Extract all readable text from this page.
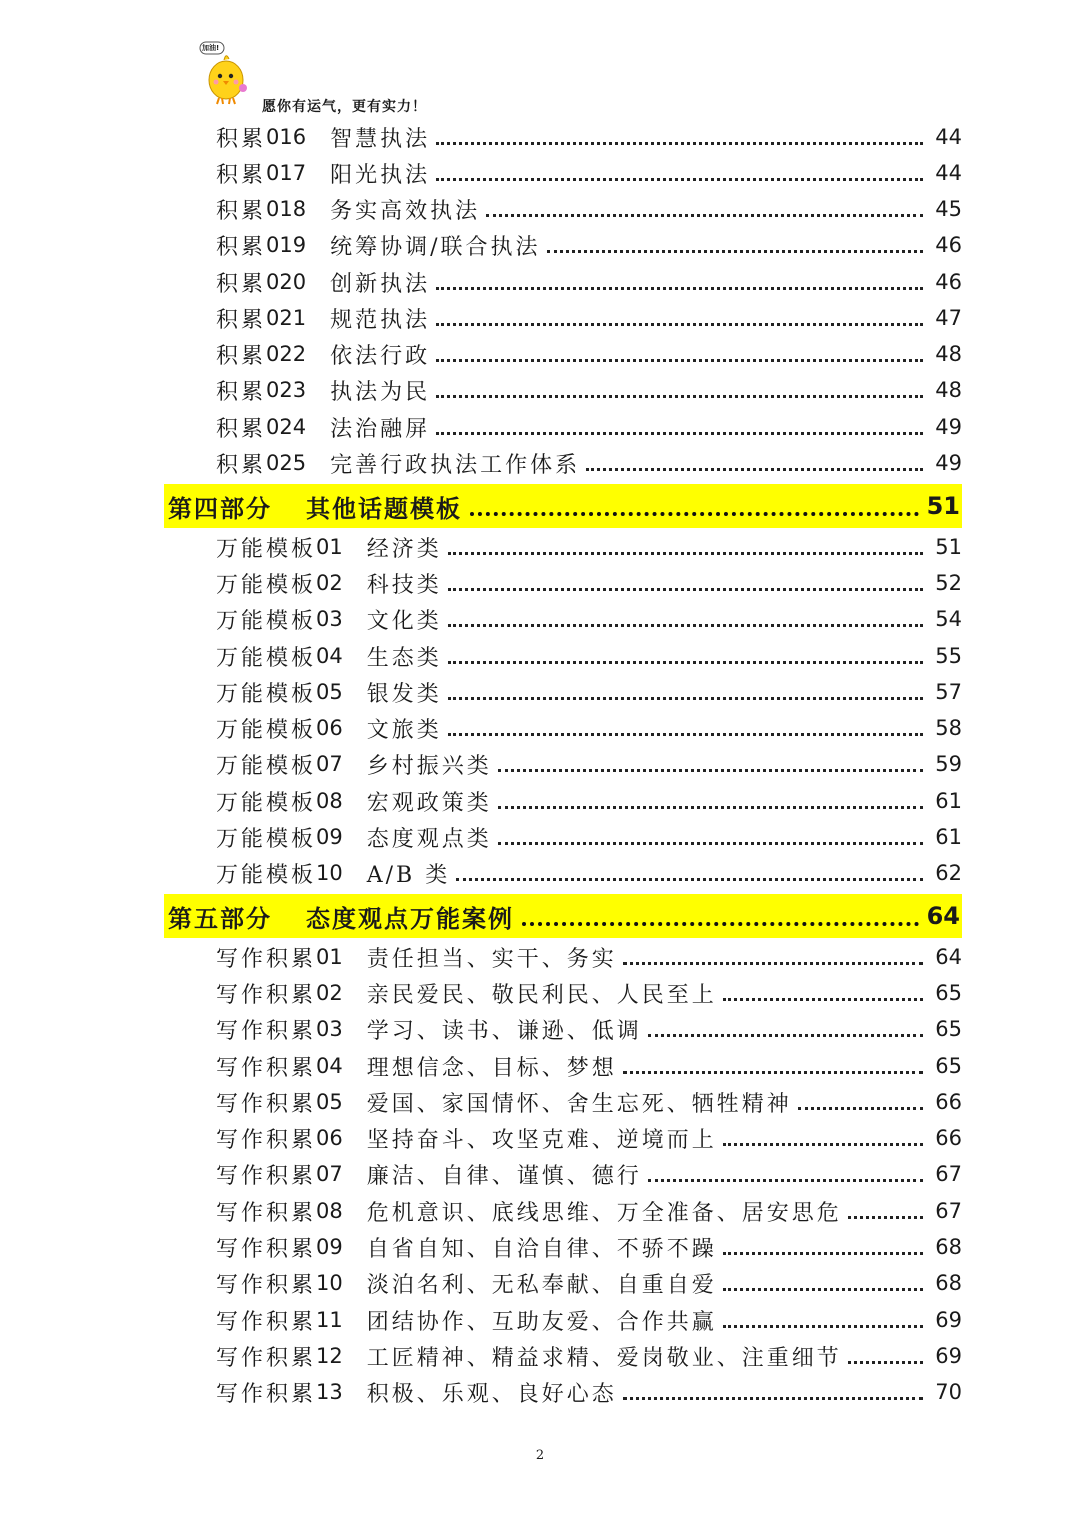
加油!
愿你有运气，更有实力！
积累 016 智慧执法	44
积累 017 阳光执法	44
积累 018 务实高效执法	45
积累 019 统筹协调/联合执法	46
积累 020 创新执法	46
积累 021 规范执法	47
积累 022 依法行政	48
积累 023 执法为民	48
积累 024 法治融屏	49
积累 025 完善行政执法工作体系	49
第四部分 其他话题模板	51
万能模板 01 经济类	51
万能模板 02 科技类	52
万能模板 03 文化类	54
万能模板 04 生态类	55
万能模板 05 银发类	57
万能模板 06 文旅类	58
万能模板 07 乡村振兴类	59
万能模板 08 宏观政策类	61
万能模板 09 态度观点类	61
万能模板 10 A/B 类	62
第五部分 态度观点万能案例	64
写作积累 01 责任担当、实干、务实	64
写作积累 02 亲民爱民、敬民利民、人民至上	65
写作积累 03 学习、读书、谦逊、低调	65
写作积累 04 理想信念、目标、梦想	65
写作积累 05 爱国、家国情怀、舍生忘死、牺牲精神	66
写作积累 06 坚持奋斗、攻坚克难、逆境而上	66
写作积累 07 廉洁、自律、谨慎、德行	67
写作积累 08 危机意识、底线思维、万全准备、居安思危	67
写作积累 09 自省自知、自洽自律、不骄不躁	68
写作积累 10 淡泊名利、无私奉献、自重自爱	68
写作积累 11 团结协作、互助友爱、合作共赢	69
写作积累 12 工匠精神、精益求精、爱岗敬业、注重细节	69
写作积累 13 积极、乐观、良好心态	70
2
